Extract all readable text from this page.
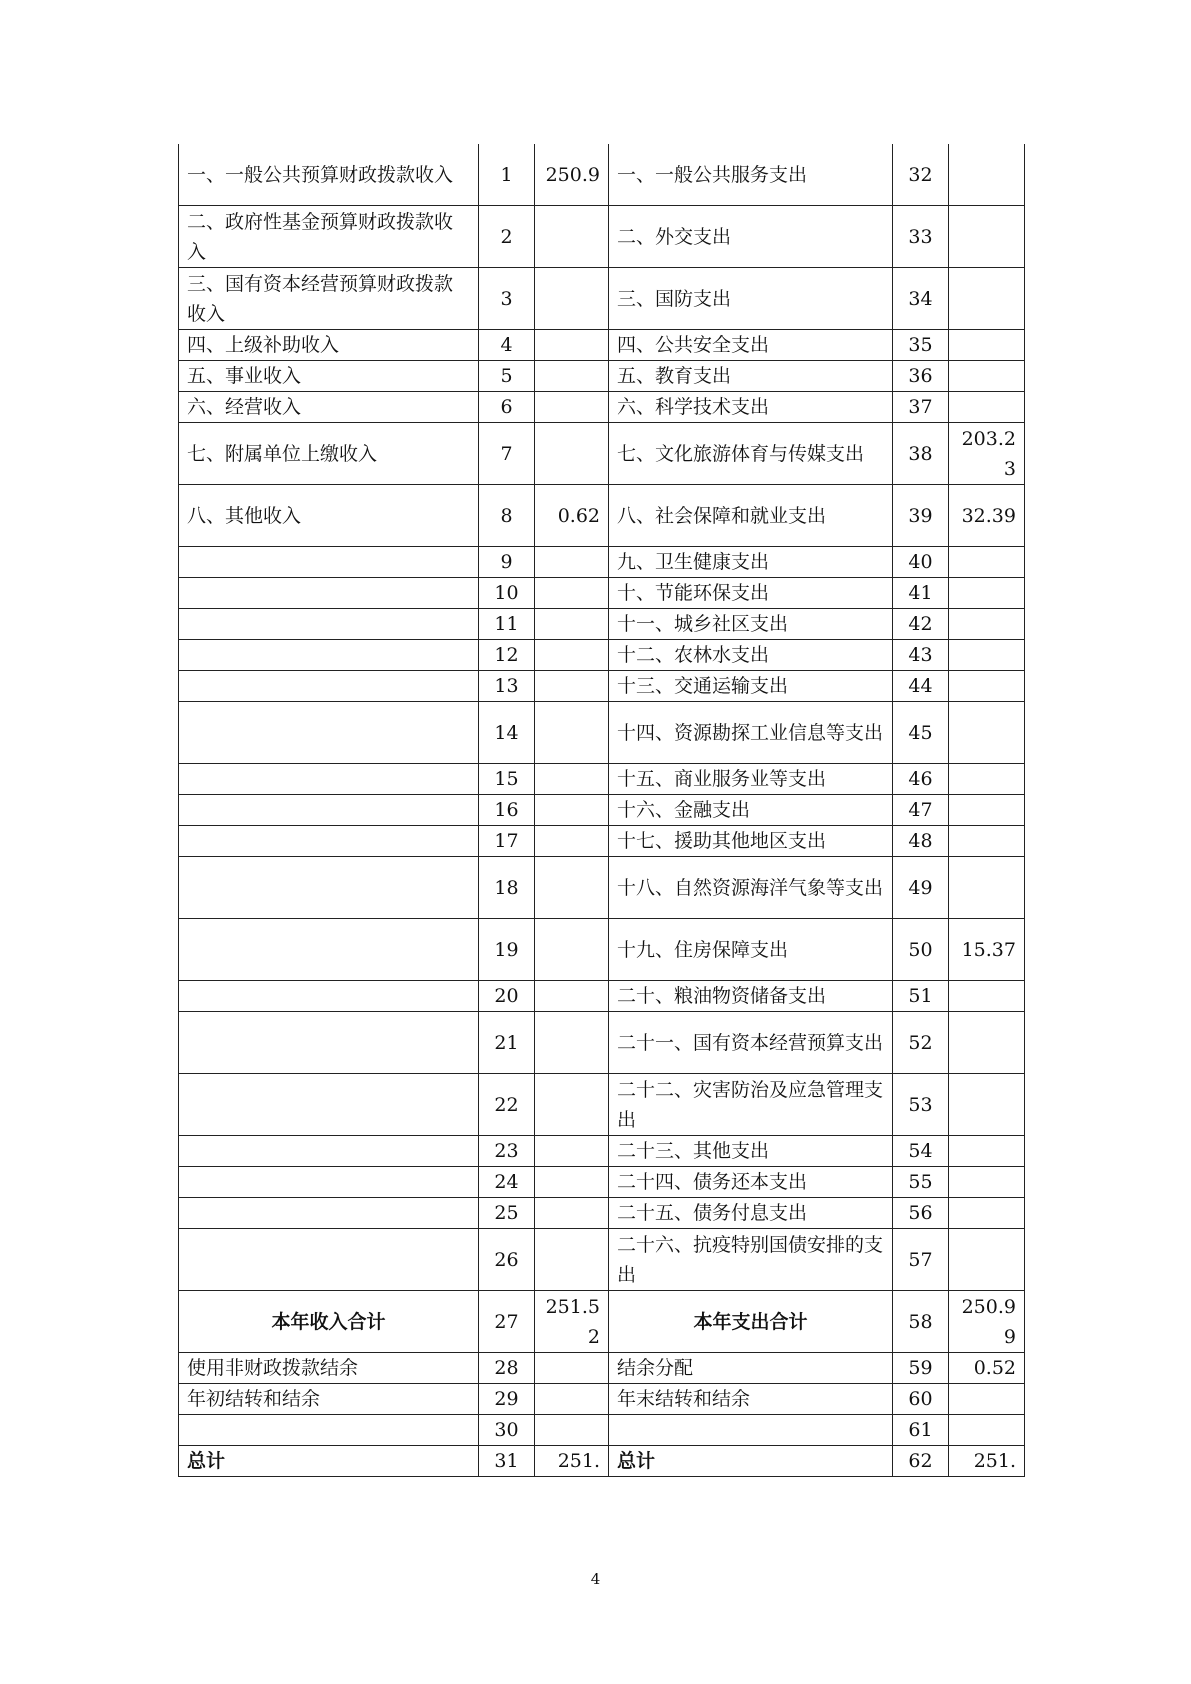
一、一般公共预算财政拨款收入	1	250.9	一、一般公共服务支出	32	
二、政府性基金预算财政拨款收入	2		二、外交支出	33	
三、国有资本经营预算财政拨款收入	3		三、国防支出	34	
四、上级补助收入	4		四、公共安全支出	35	
五、事业收入	5		五、教育支出	36	
六、经营收入	6		六、科学技术支出	37	
七、附属单位上缴收入	7		七、文化旅游体育与传媒支出	38	203.23
八、其他收入	8	0.62	八、社会保障和就业支出	39	32.39
	9		九、卫生健康支出	40	
	10		十、节能环保支出	41	
	11		十一、城乡社区支出	42	
	12		十二、农林水支出	43	
	13		十三、交通运输支出	44	
	14		十四、资源勘探工业信息等支出	45	
	15		十五、商业服务业等支出	46	
	16		十六、金融支出	47	
	17		十七、援助其他地区支出	48	
	18		十八、自然资源海洋气象等支出	49	
	19		十九、住房保障支出	50	15.37
	20		二十、粮油物资储备支出	51	
	21		二十一、国有资本经营预算支出	52	
	22		二十二、灾害防治及应急管理支出	53	
	23		二十三、其他支出	54	
	24		二十四、债务还本支出	55	
	25		二十五、债务付息支出	56	
	26		二十六、抗疫特别国债安排的支出	57	
本年收入合计	27	251.52	本年支出合计	58	250.99
使用非财政拨款结余	28		结余分配	59	0.52
年初结转和结余	29		年末结转和结余	60	
	30			61	
总计	31	251.	总计	62	251.
4
